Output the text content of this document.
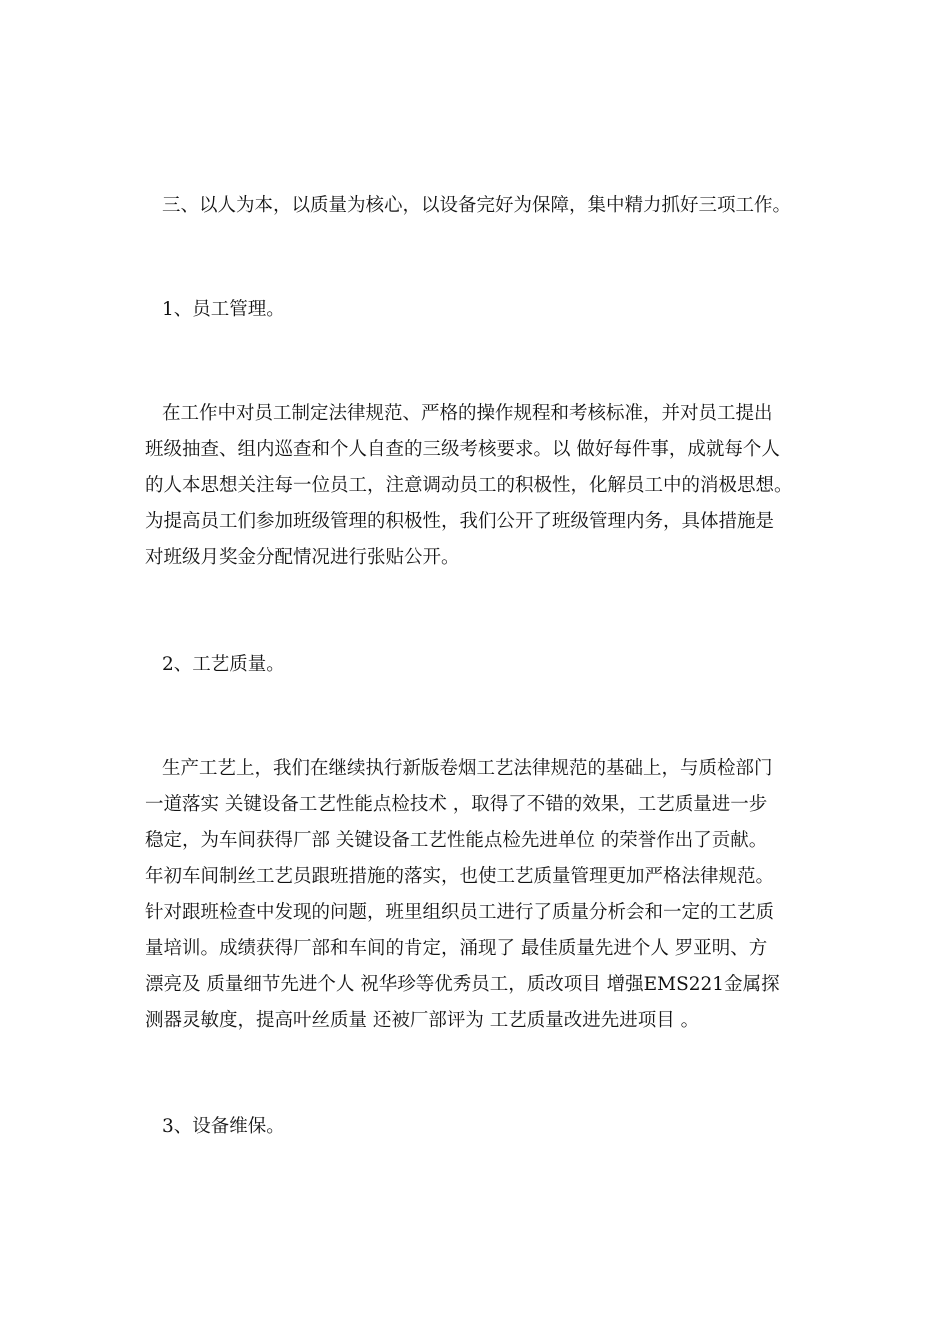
三、以人为本，以质量为核心，以设备完好为保障，集中精力抓好三项工作。

1、员工管理。

在工作中对员工制定法律规范、严格的操作规程和考核标准，并对员工提出

班级抽查、组内巡查和个人自查的三级考核要求。以 做好每件事，成就每个人

的人本思想关注每一位员工，注意调动员工的积极性，化解员工中的消极思想。

为提高员工们参加班级管理的积极性，我们公开了班级管理内务，具体措施是

对班级月奖金分配情况进行张贴公开。

2、工艺质量。

生产工艺上，我们在继续执行新版卷烟工艺法律规范的基础上，与质检部门

一道落实 关键设备工艺性能点检技术 ，取得了不错的效果，工艺质量进一步

稳定，为车间获得厂部 关键设备工艺性能点检先进单位 的荣誉作出了贡献。

年初车间制丝工艺员跟班措施的落实，也使工艺质量管理更加严格法律规范。

针对跟班检查中发现的问题，班里组织员工进行了质量分析会和一定的工艺质

量培训。成绩获得厂部和车间的肯定，涌现了 最佳质量先进个人 罗亚明、方

漂亮及 质量细节先进个人 祝华珍等优秀员工，质改项目 增强EMS221金属探

测器灵敏度，提高叶丝质量 还被厂部评为 工艺质量改进先进项目 。

3、设备维保。
